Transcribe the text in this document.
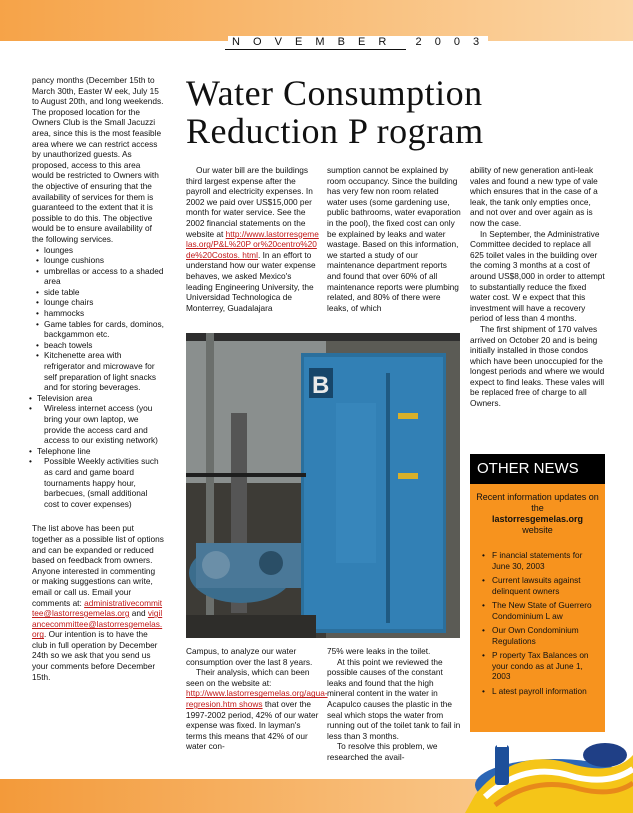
N O V E M B E R   2 0 0 3

pancy months (December 15th to March 30th, Easter W eek, July 15 to August 20th, and long weekends. The proposed location for the Owners Club is the Small Jacuzzi area, since this is the most feasible area where we can restrict access by unauthorized guests. As proposed, access to this area would be restricted to Owners with the objective of ensuring that the availability of services for them is guaranteed to the extent that it is possible to do this. The objective would be to ensure availability of the following services.

• lounges
• lounge cushions
• umbrellas or access to a shaded area
• side table
• lounge chairs
• hammocks
• Game tables for cards, dominos, backgammon etc.
• beach towels
• Kitchenette area with refrigerator and microwave for self preparation of light snacks and for storing beverages.
• Television area
• Wireless internet access (you bring your own laptop, we provide the access card and access to our existing network)
• Telephone line
• Possible Weekly activities such as card and game board tournaments happy hour, barbecues, (small additional cost to cover expenses)

The list above has been put together as a possible list of options and can be expanded or reduced based on feedback from owners. Anyone interested in commenting or making suggestions can write, email or call us. Email your comments at: administrativecommittee@lastorresgemelas.org and vigilancecommittee@lastorresgemelas.org. Our intention is to have the club in full operation by December 24th so we ask that you send us your comments before December 15th.

Water Consumption
Reduction P rogram

Our water bill are the buildings third largest expense after the payroll and electricity expenses. In 2002 we paid over US$15,000 per month for water service. See the 2002 financial statements on the website at http://www.lastorresgemelas.org/P&L%20P or%20centro%20de%20Costos. html. In an effort to understand how our water expense behaves, we asked Mexico's leading Engineering University, the Universidad Technologica de Monterrey, Guadalajara

sumption cannot be explained by room occupancy. Since the building has very few non room related water uses (some gardening use, public bathrooms, water evaporation in the pool), the fixed cost can only be explained by leaks and water wastage. Based on this information, we started a study of our maintenance department reports and found that over 60% of all maintenance reports were plumbing related, and 80% of there were leaks, of which

B

Campus, to analyze our water consumption over the last 8 years.

Their analysis, which can been seen on the website at: http://www.lastorresgemelas.org/agua-regresion.htm shows that over the 1997-2002 period, 42% of our water expense was fixed. In layman's terms this means that 42% of our water con-

75% were leaks in the toilet.

At this point we reviewed the possible causes of the constant leaks and found that the high mineral content in the water in Acapulco causes the plastic in the seal which stops the water from running out of the toilet tank to fail in less than 3 months.

To resolve this problem, we researched the avail-

ability of new generation anti-leak vales and found a new type of vale which ensures that in the case of a leak, the tank only empties once, and not over and over again as is now the case.

In September, the Administrative Committee decided to replace all 625 toilet vales in the building over the coming 3 months at a cost of around US$8,000 in order to attempt to substantially reduce the fixed water cost. W e expect that this investment will have a recovery period of less than 4 months.

The first shipment of 170 valves arrived on October 20 and is being initially installed in those condos which have been unoccupied for the longest periods and where we would expect to find leaks. These vales will be replaced free of charge to all Owners.

OTHER NEWS
Recent information updates on the
lastorresgemelas.org
website
• F inancial statements for June 30, 2003
• Current lawsuits against delinquent owners
• The New State of Guerrero Condominium L aw
• Our Own Condominium Regulations
• P roperty Tax Balances on your condo as at June 1, 2003
• L atest payroll information
